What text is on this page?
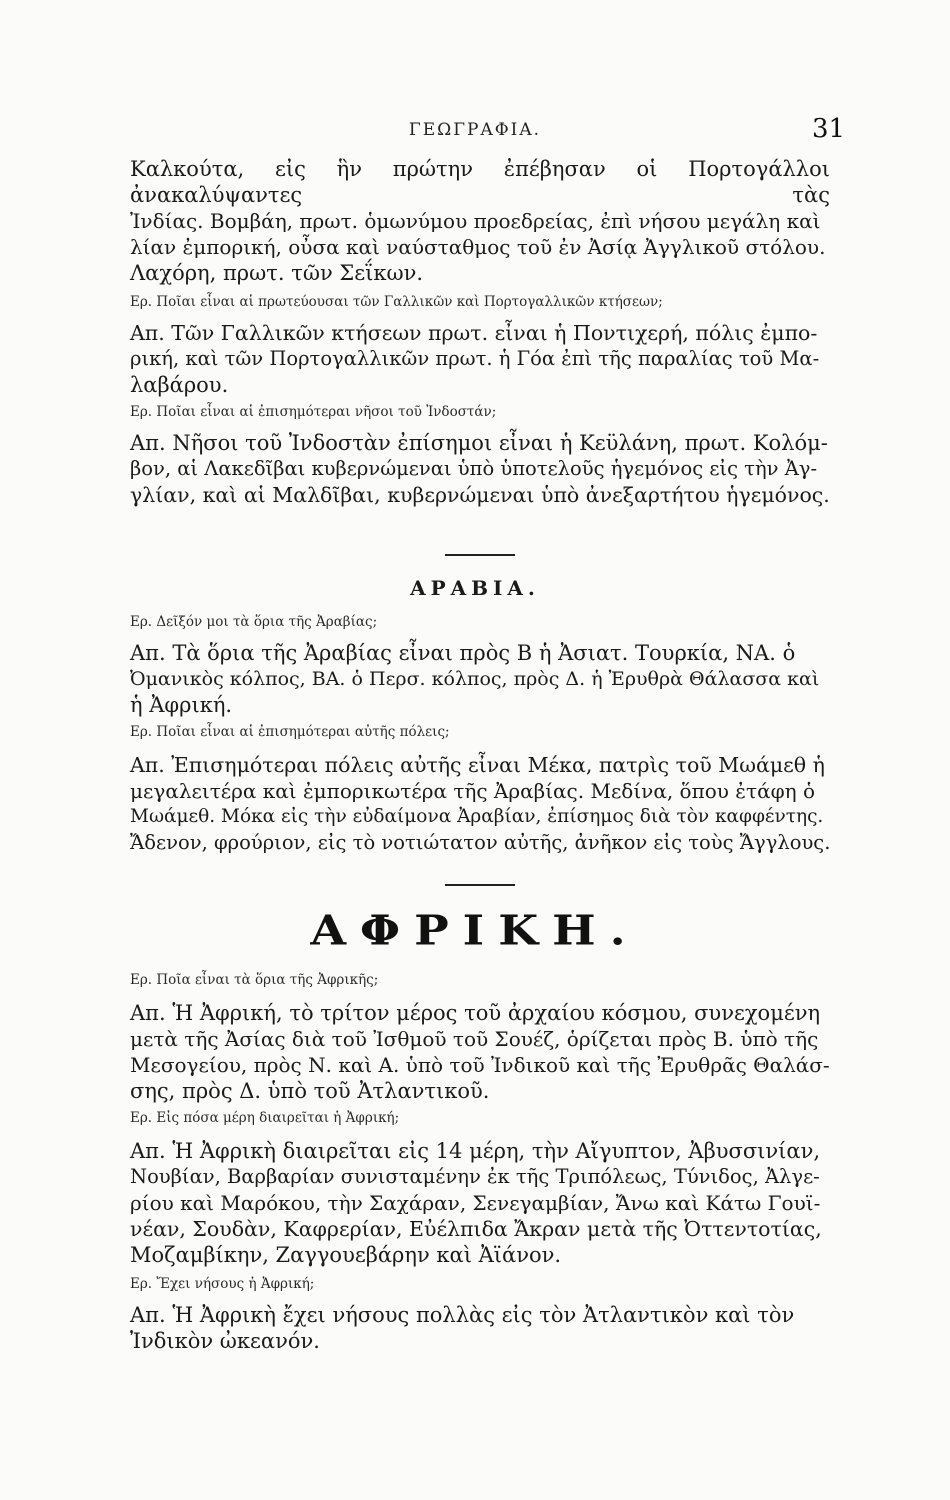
ΓΕΩΓΡΑΦΙΑ.	31
Καλκούτα, εἰς ἣν πρώτην ἐπέβησαν οἱ Πορτογάλλοι ἀνακαλύψαντες τὰς
Ἰνδίας. Βομβάη, πρωτ. ὁμωνύμου προεδρείας, ἐπὶ νήσου μεγάλη καὶ
λίαν ἐμπορική, οὖσα καὶ ναύσταθμος τοῦ ἐν Ἀσίᾳ Ἀγγλικοῦ στόλου.
Λαχόρη, πρωτ. τῶν Σεΐκων.
Ερ. Ποῖαι εἶναι αἱ πρωτεύουσαι τῶν Γαλλικῶν καὶ Πορτογαλλικῶν κτήσεων;
Απ. Τῶν Γαλλικῶν κτήσεων πρωτ. εἶναι ἡ Ποντιχερή, πόλις ἐμπο-
ρική, καὶ τῶν Πορτογαλλικῶν πρωτ. ἡ Γόα ἐπὶ τῆς παραλίας τοῦ Μα-
λαβάρου.
Ερ. Ποῖαι εἶναι αἱ ἐπισημότεραι νῆσοι τοῦ Ἰνδοστάν;
Απ. Νῆσοι τοῦ Ἰνδοστὰν ἐπίσημοι εἶναι ἡ Κεϋλάνη, πρωτ. Κολόμ-
βον, αἱ Λακεδῖβαι κυβερνώμεναι ὑπὸ ὑποτελοῦς ἡγεμόνος εἰς τὴν Ἀγ-
γλίαν, καὶ αἱ Μαλδῖβαι, κυβερνώμεναι ὑπὸ ἀνεξαρτήτου ἡγεμόνος.
ΑΡΑΒΙΑ.
Ερ. Δεῖξόν μοι τὰ ὅρια τῆς Ἀραβίας;
Απ. Τὰ ὅρια τῆς Ἀραβίας εἶναι πρὸς Β ἡ Ἀσιατ. Τουρκία, ΝΑ. ὁ
Ὀμανικὸς κόλπος, ΒΑ. ὁ Περσ. κόλπος, πρὸς Δ. ἡ Ἐρυθρὰ Θάλασσα καὶ
ἡ Ἀφρική.
Ερ. Ποῖαι εἶναι αἱ ἐπισημότεραι αὐτῆς πόλεις;
Απ. Ἐπισημότεραι πόλεις αὐτῆς εἶναι Μέκα, πατρὶς τοῦ Μωάμεθ ἡ
μεγαλειτέρα καὶ ἐμπορικωτέρα τῆς Ἀραβίας. Μεδίνα, ὅπου ἐτάφη ὁ
Μωάμεθ. Μόκα εἰς τὴν εὐδαίμονα Ἀραβίαν, ἐπίσημος διὰ τὸν καφφέντης.
Ἄδενον, φρούριον, εἰς τὸ νοτιώτατον αὐτῆς, ἀνῆκον εἰς τοὺς Ἄγγλους.
ΑΦΡΙΚΗ.
Ερ. Ποῖα εἶναι τὰ ὅρια τῆς Ἀφρικῆς;
Απ. Ἡ Ἀφρική, τὸ τρίτον μέρος τοῦ ἀρχαίου κόσμου, συνεχομένη
μετὰ τῆς Ἀσίας διὰ τοῦ Ἰσθμοῦ τοῦ Σουέζ, ὁρίζεται πρὸς Β. ὑπὸ τῆς
Μεσογείου, πρὸς Ν. καὶ Α. ὑπὸ τοῦ Ἰνδικοῦ καὶ τῆς Ἐρυθρᾶς Θαλάσ-
σης, πρὸς Δ. ὑπὸ τοῦ Ἀτλαντικοῦ.
Ερ. Εἰς πόσα μέρη διαιρεῖται ἡ Ἀφρική;
Απ. Ἡ Ἀφρικὴ διαιρεῖται εἰς 14 μέρη, τὴν Αἴγυπτον, Ἀβυσσινίαν,
Νουβίαν, Βαρβαρίαν συνισταμένην ἐκ τῆς Τριπόλεως, Τύνιδος, Ἀλγε-
ρίου καὶ Μαρόκου, τὴν Σαχάραν, Σενεγαμβίαν, Ἄνω καὶ Κάτω Γουϊ-
νέαν, Σουδὰν, Καφρερίαν, Εὐέλπιδα Ἄκραν μετὰ τῆς Ὀττεντοτίας,
Μοζαμβίκην, Ζαγγουεβάρην καὶ Ἀϊάνον.
Ερ. Ἔχει νήσους ἡ Ἀφρική;
Απ. Ἡ Ἀφρικὴ ἔχει νήσους πολλὰς εἰς τὸν Ἀτλαντικὸν καὶ τὸν
Ἰνδικὸν ὠκεανόν.
